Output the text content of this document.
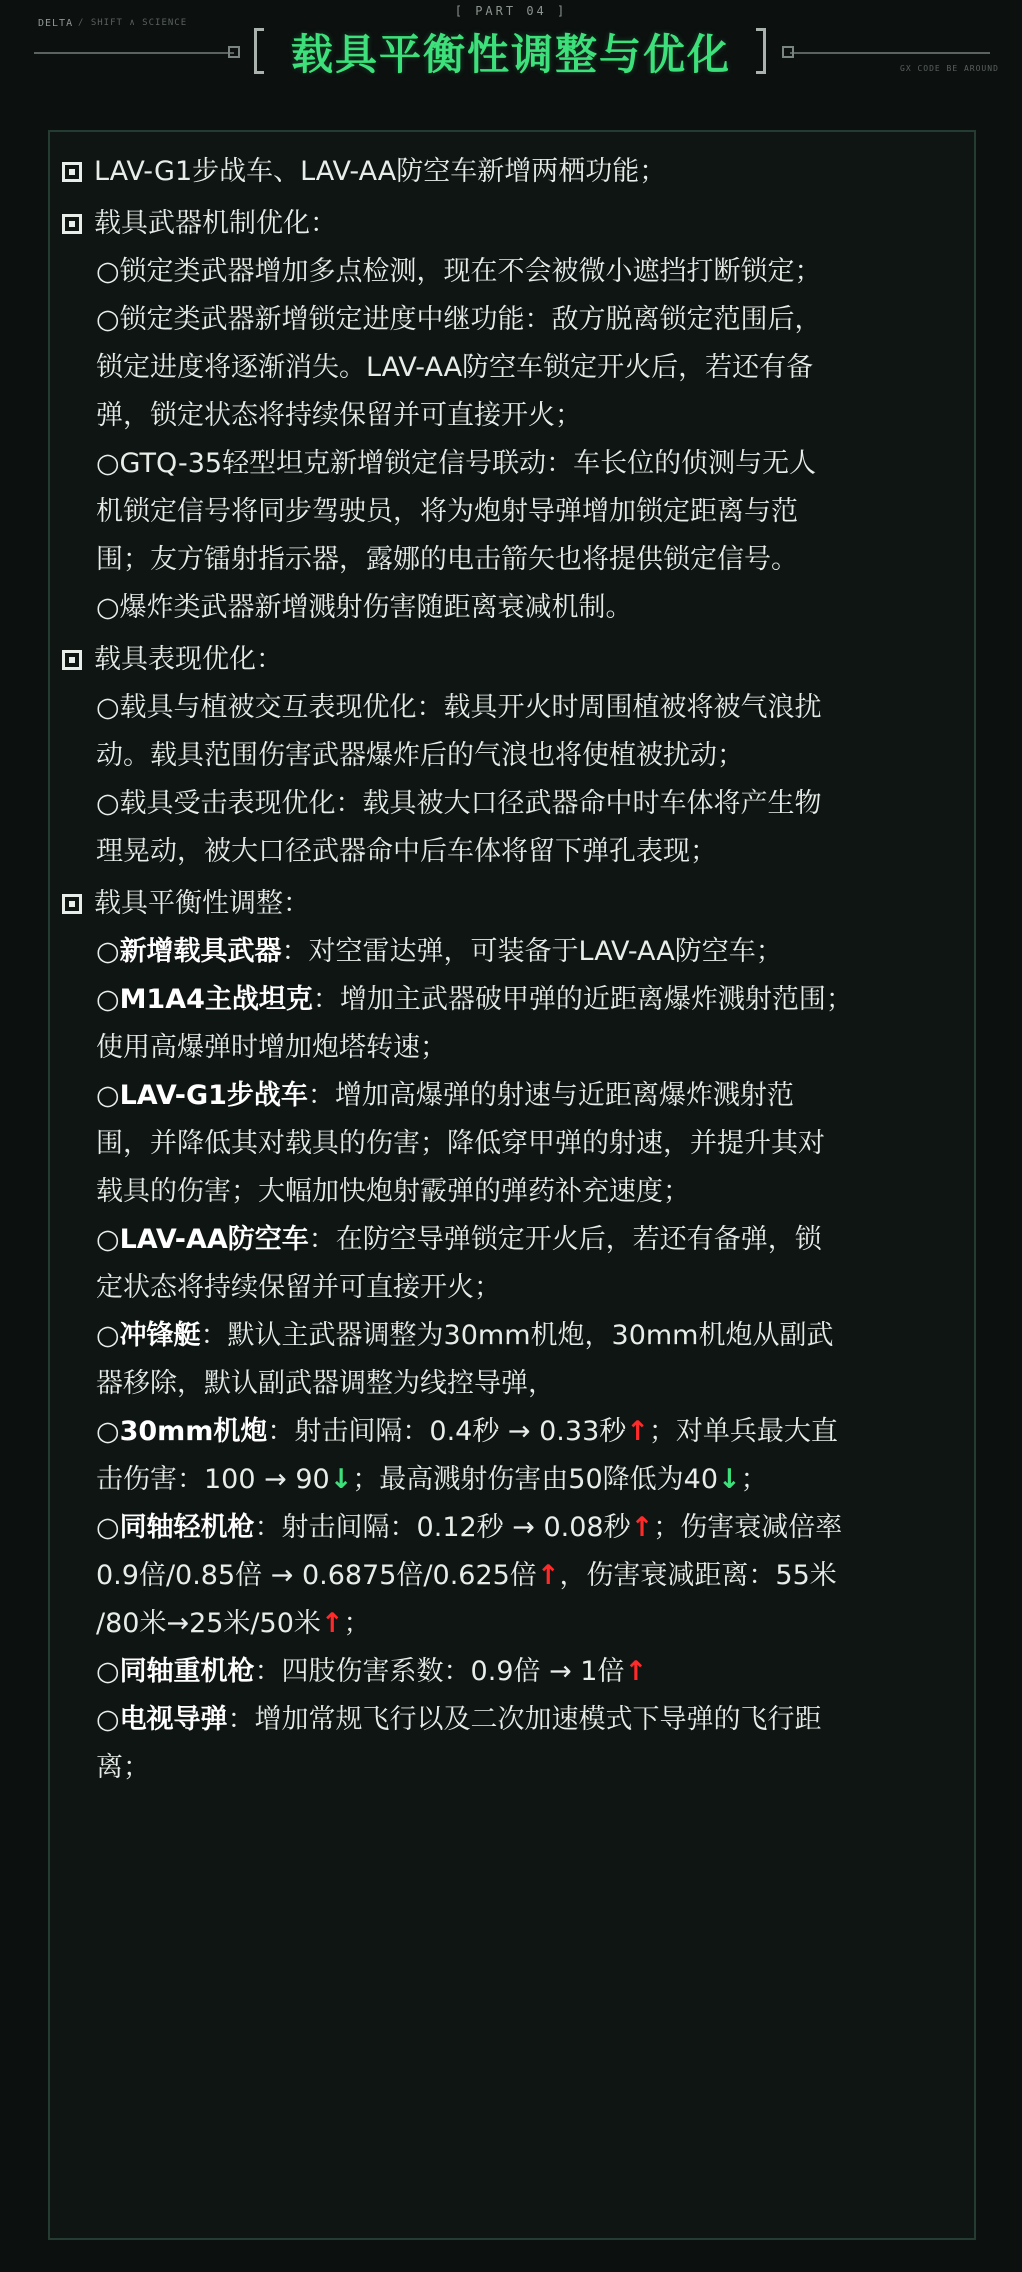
DELTA / SHIFT ∧ SCIENCE
GX CODE BE AROUND
[ PART 04 ]
载具平衡性调整与优化
LAV-G1步战车、LAV-AA防空车新增两栖功能；
载具武器机制优化：
○锁定类武器增加多点检测，现在不会被微小遮挡打断锁定；
○锁定类武器新增锁定进度中继功能：敌方脱离锁定范围后，
锁定进度将逐渐消失。LAV-AA防空车锁定开火后，若还有备
弹，锁定状态将持续保留并可直接开火；
○GTQ-35轻型坦克新增锁定信号联动：车长位的侦测与无人
机锁定信号将同步驾驶员，将为炮射导弹增加锁定距离与范
围；友方镭射指示器，露娜的电击箭矢也将提供锁定信号。
○爆炸类武器新增溅射伤害随距离衰减机制。
载具表现优化：
○载具与植被交互表现优化：载具开火时周围植被将被气浪扰
动。载具范围伤害武器爆炸后的气浪也将使植被扰动；
○载具受击表现优化：载具被大口径武器命中时车体将产生物
理晃动，被大口径武器命中后车体将留下弹孔表现；
载具平衡性调整：
○新增载具武器：对空雷达弹，可装备于LAV-AA防空车；
○M1A4主战坦克：增加主武器破甲弹的近距离爆炸溅射范围；
使用高爆弹时增加炮塔转速；
○LAV-G1步战车：增加高爆弹的射速与近距离爆炸溅射范
围，并降低其对载具的伤害；降低穿甲弹的射速，并提升其对
载具的伤害；大幅加快炮射霰弹的弹药补充速度；
○LAV-AA防空车：在防空导弹锁定开火后，若还有备弹，锁
定状态将持续保留并可直接开火；
○冲锋艇：默认主武器调整为30mm机炮，30mm机炮从副武
器移除，默认副武器调整为线控导弹，
○30mm机炮：射击间隔：0.4秒 → 0.33秒↑；对单兵最大直
击伤害：100 → 90↓；最高溅射伤害由50降低为40↓；
○同轴轻机枪：射击间隔：0.12秒 → 0.08秒↑；伤害衰减倍率
0.9倍/0.85倍 → 0.6875倍/0.625倍↑，伤害衰减距离：55米
/80米→25米/50米↑；
○同轴重机枪：四肢伤害系数：0.9倍 → 1倍↑
○电视导弹：增加常规飞行以及二次加速模式下导弹的飞行距
离；
